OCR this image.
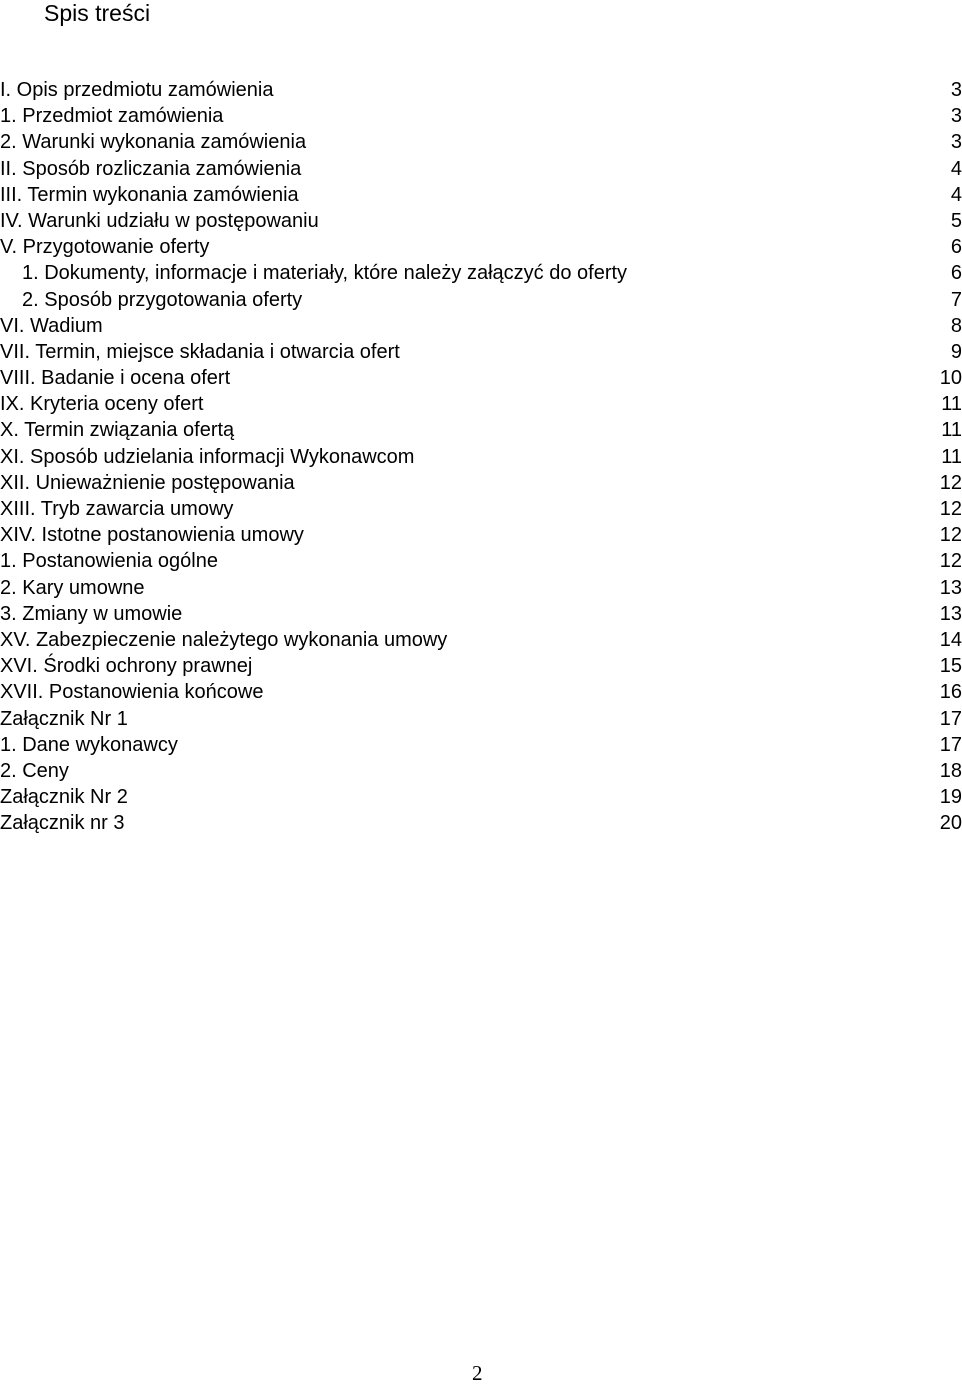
Spis treści
I. Opis przedmiotu zamówienia	3
1. Przedmiot zamówienia	3
2. Warunki wykonania zamówienia	3
II. Sposób rozliczania zamówienia	4
III. Termin wykonania zamówienia	4
IV. Warunki udziału w postępowaniu	5
V. Przygotowanie oferty	6
1. Dokumenty, informacje i materiały, które należy załączyć do oferty	6
2. Sposób przygotowania oferty	7
VI. Wadium	8
VII. Termin, miejsce składania i otwarcia ofert	9
VIII. Badanie i ocena ofert	10
IX. Kryteria oceny ofert	11
X. Termin związania ofertą	11
XI. Sposób udzielania informacji Wykonawcom	11
XII. Unieważnienie postępowania	12
XIII. Tryb zawarcia umowy	12
XIV. Istotne postanowienia umowy	12
1. Postanowienia ogólne	12
2. Kary umowne	13
3. Zmiany w umowie	13
XV. Zabezpieczenie należytego wykonania umowy	14
XVI. Środki ochrony prawnej	15
XVII. Postanowienia końcowe	16
Załącznik Nr 1	17
1. Dane wykonawcy	17
2. Ceny	18
Załącznik Nr 2	19
Załącznik nr 3	20
2
